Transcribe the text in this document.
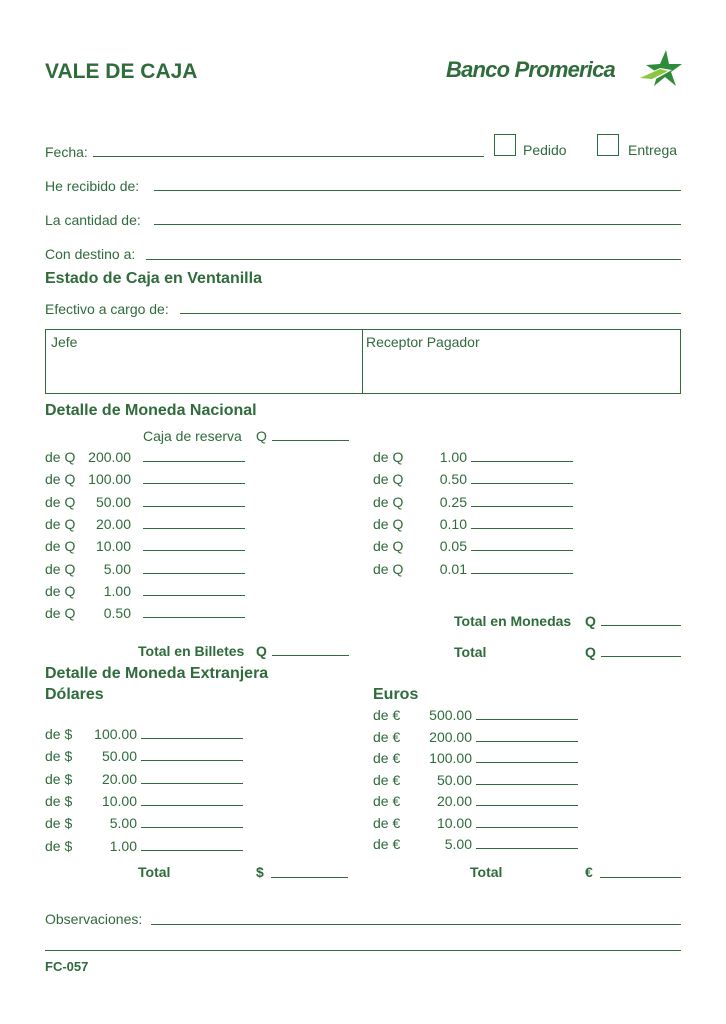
VALE DE CAJA	Banco Promerica
Fecha:	Pedido	Entrega
He recibido de:
La cantidad de:
Con destino a:
Estado de Caja en Ventanilla
Efectivo a cargo de:
Jefe	Receptor Pagador
Detalle de Moneda Nacional
Caja de reserva Q
de Q 200.00
de Q 100.00
de Q	50.00
de Q	20.00
de Q	10.00
de Q	5.00
de Q	1.00
de Q	0.50
de Q	1.00
de Q	0.50
de Q	0.25
de Q	0.10
de Q	0.05
de Q	0.01
Total en Monedas Q
Total en Billetes Q	Total	Q
Detalle de Moneda Extranjera
Dólares	Euros
de $	100.00
de $	50.00
de $	20.00
de $	10.00
de $	5.00
de $	1.00
de €	500.00
de €	200.00
de €	100.00
de €	50.00
de €	20.00
de €	10.00
de €	5.00
Total	$	Total	€
Observaciones:
FC-057
